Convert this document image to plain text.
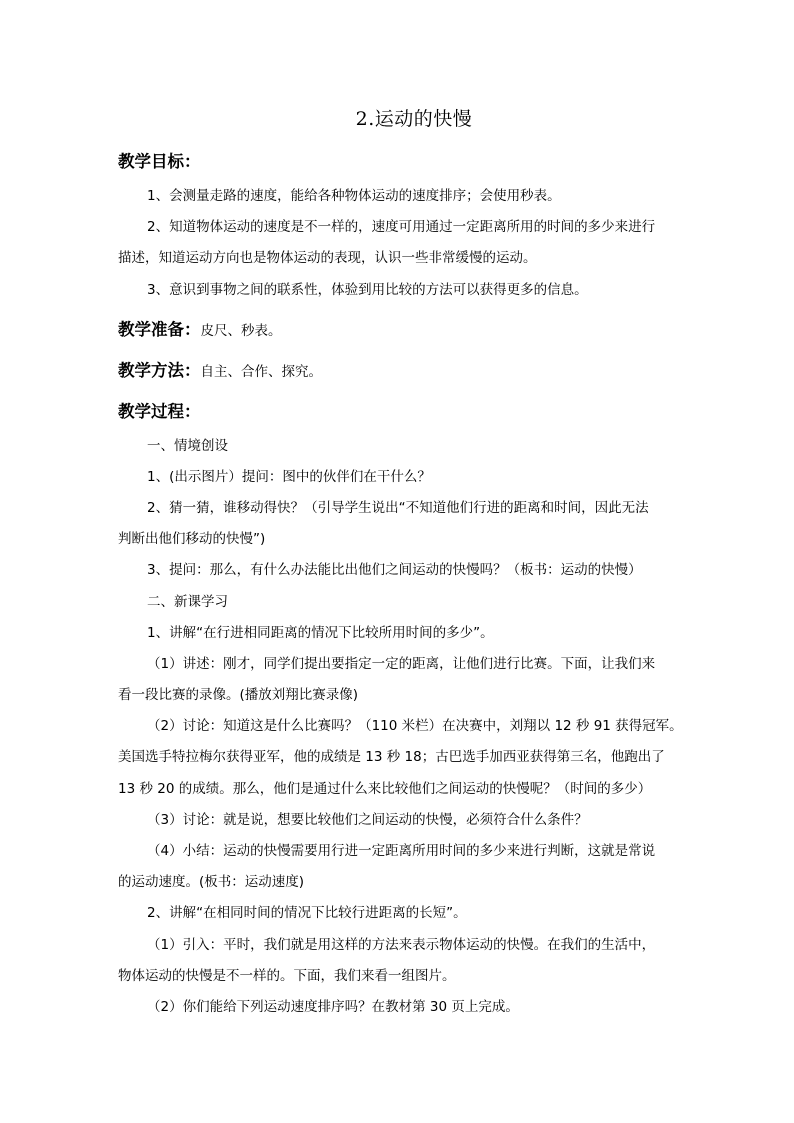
2.运动的快慢
教学目标：
1、会测量走路的速度，能给各种物体运动的速度排序；会使用秒表。
2、知道物体运动的速度是不一样的，速度可用通过一定距离所用的时间的多少来进行
描述，知道运动方向也是物体运动的表现，认识一些非常缓慢的运动。
3、意识到事物之间的联系性，体验到用比较的方法可以获得更多的信息。
教学准备：皮尺、秒表。
教学方法：自主、合作、探究。
教学过程：
一、情境创设
1、(出示图片）提问：图中的伙伴们在干什么？
2、猜一猜，谁移动得快？（引导学生说出“不知道他们行进的距离和时间，因此无法
判断出他们移动的快慢”)
3、提问：那么，有什么办法能比出他们之间运动的快慢吗？（板书：运动的快慢）
二、新课学习
1、讲解“在行进相同距离的情况下比较所用时间的多少”。
（1）讲述：刚才，同学们提出要指定一定的距离，让他们进行比赛。下面，让我们来
看一段比赛的录像。(播放刘翔比赛录像)
（2）讨论：知道这是什么比赛吗？（110 米栏）在决赛中，刘翔以 12 秒 91 获得冠军。
美国选手特拉梅尔获得亚军，他的成绩是 13 秒 18；古巴选手加西亚获得第三名，他跑出了
13 秒 20 的成绩。那么，他们是通过什么来比较他们之间运动的快慢呢？（时间的多少）
（3）讨论：就是说，想要比较他们之间运动的快慢，必须符合什么条件？
（4）小结：运动的快慢需要用行进一定距离所用时间的多少来进行判断，这就是常说
的运动速度。(板书：运动速度)
2、讲解“在相同时间的情况下比较行进距离的长短”。
（1）引入：平时，我们就是用这样的方法来表示物体运动的快慢。在我们的生活中，
物体运动的快慢是不一样的。下面，我们来看一组图片。
（2）你们能给下列运动速度排序吗？在教材第 30 页上完成。
